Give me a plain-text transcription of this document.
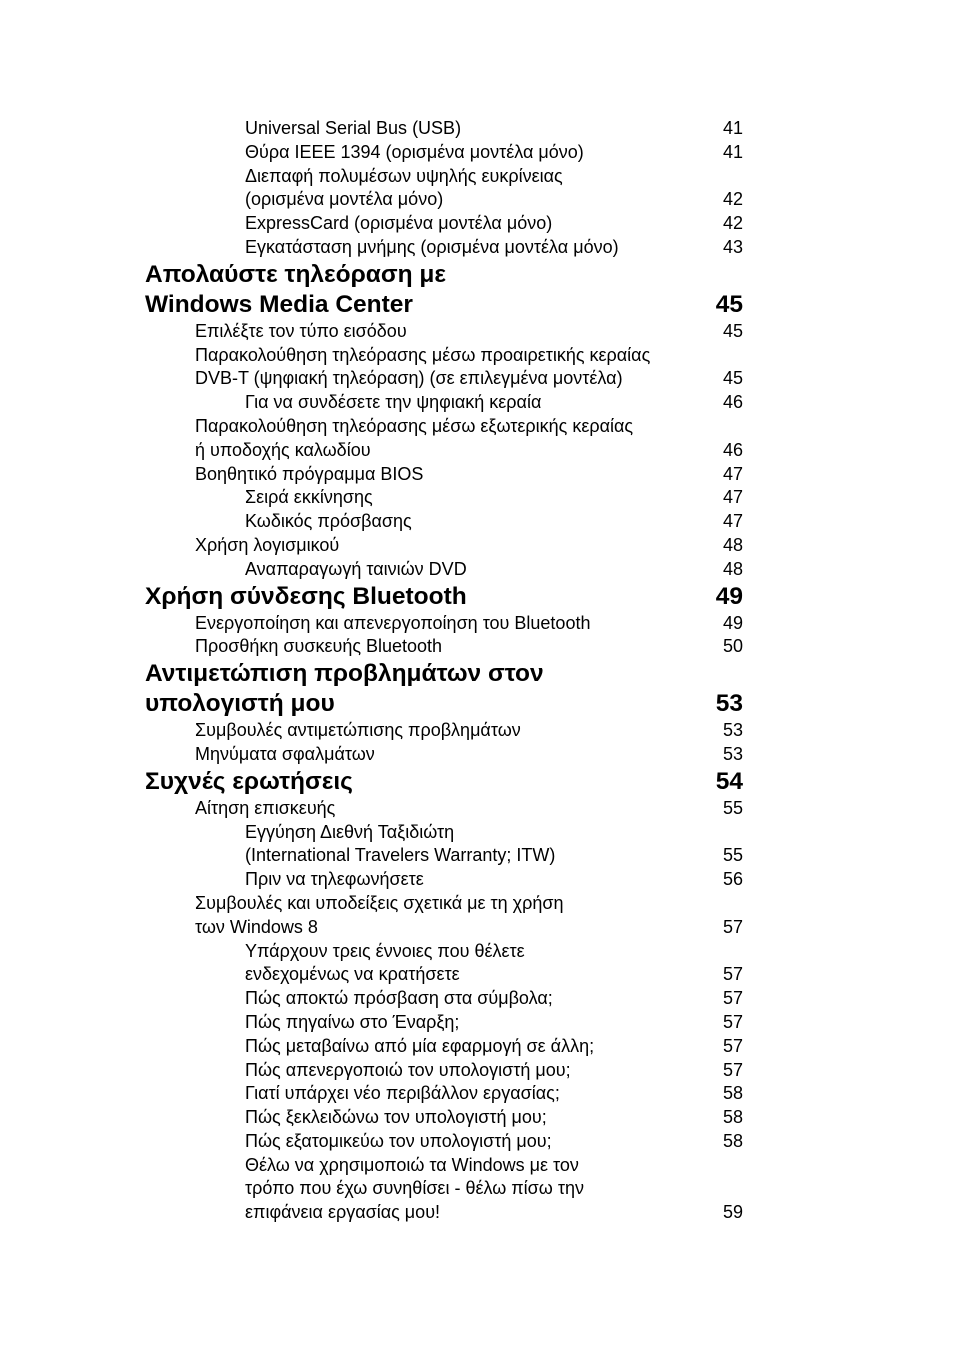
Universal Serial Bus (USB)	41
Θύρα IEEE 1394 (ορισμένα μοντέλα μόνο)	41
Διεπαφή πολυμέσων υψηλής ευκρίνειας
(ορισμένα μοντέλα μόνο)	42
ExpressCard (ορισμένα μοντέλα μόνο)	42
Εγκατάσταση μνήμης (ορισμένα μοντέλα μόνο)	43
Απολαύστε τηλεόραση με
Windows Media Center	45
Επιλέξτε τον τύπο εισόδου	45
Παρακολούθηση τηλεόρασης μέσω προαιρετικής κεραίας
DVB-T (ψηφιακή τηλεόραση) (σε επιλεγμένα μοντέλα)	45
Για να συνδέσετε την ψηφιακή κεραία	46
Παρακολούθηση τηλεόρασης μέσω εξωτερικής κεραίας
ή υποδοχής καλωδίου	46
Βοηθητικό πρόγραμμα BIOS	47
Σειρά εκκίνησης	47
Κωδικός πρόσβασης	47
Χρήση λογισμικού	48
Αναπαραγωγή ταινιών DVD	48
Χρήση σύνδεσης Bluetooth	49
Ενεργοποίηση και απενεργοποίηση του Bluetooth	49
Προσθήκη συσκευής Bluetooth	50
Αντιμετώπιση προβλημάτων στον
υπολογιστή μου	53
Συμβουλές αντιμετώπισης προβλημάτων	53
Μηνύματα σφαλμάτων	53
Συχνές ερωτήσεις	54
Αίτηση επισκευής	55
Εγγύηση Διεθνή Ταξιδιώτη
(International Travelers Warranty; ITW)	55
Πριν να τηλεφωνήσετε	56
Συμβουλές και υποδείξεις σχετικά με τη χρήση
των Windows 8	57
Υπάρχουν τρεις έννοιες που θέλετε
ενδεχομένως να κρατήσετε	57
Πώς αποκτώ πρόσβαση στα σύμβολα;	57
Πώς πηγαίνω στο Έναρξη;	57
Πώς μεταβαίνω από μία εφαρμογή σε άλλη;	57
Πώς απενεργοποιώ τον υπολογιστή μου;	57
Γιατί υπάρχει νέο περιβάλλον εργασίας;	58
Πώς ξεκλειδώνω τον υπολογιστή μου;	58
Πώς εξατομικεύω τον υπολογιστή μου;	58
Θέλω να χρησιμοποιώ τα Windows με τον
τρόπο που έχω συνηθίσει - θέλω πίσω την
επιφάνεια εργασίας μου!	59
